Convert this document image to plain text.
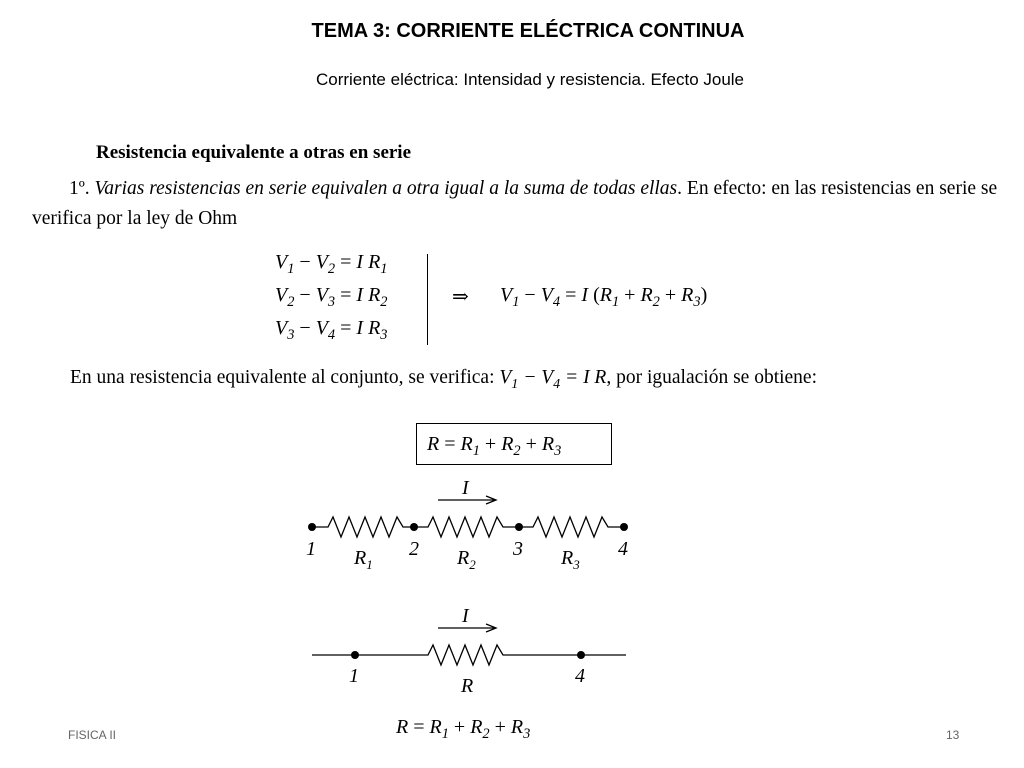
TEMA 3: CORRIENTE ELÉCTRICA CONTINUA
Corriente eléctrica: Intensidad y resistencia. Efecto Joule
Resistencia equivalente a otras en serie
1º. Varias resistencias en serie equivalen a otra igual a la suma de todas ellas. En efecto: en las resistencias en serie se verifica por la ley de Ohm
$V_1 - V_2 = I$ $R_1$
$V_2 - V_3 = I$ $R_2$
$V_3 - V_4 = I$ $R_3$
⇒ $V_1 - V_4 = I$ $(R_1 + R_2 + R_3)$
En una resistencia equivalente al conjunto, se verifica: $V_1 - V_4 = I$ R, por igualación se obtiene:
$R = R_1 + R_2 + R_3$
I
1	2	3	4
$R_1$	$R_2$	$R_3$
I
1	4
R
$R = R_1 + R_2 + R_3$
FISICA II	13
